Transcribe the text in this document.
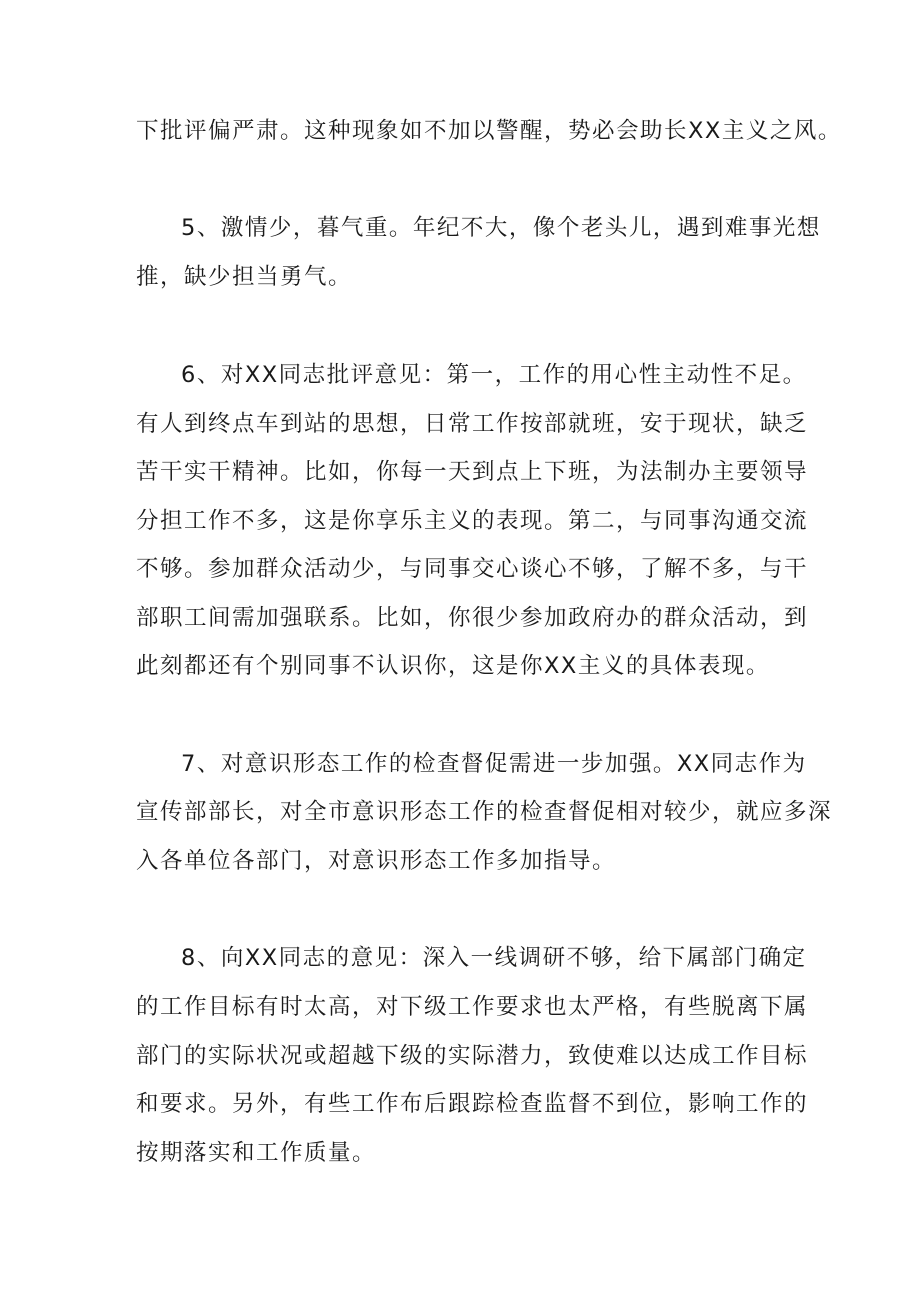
下批评偏严肃。这种现象如不加以警醒，势必会助长XX主义之风。
5、激情少，暮气重。年纪不大，像个老头儿，遇到难事光想
推，缺少担当勇气。
6、对XX同志批评意见：第一，工作的用心性主动性不足。
有人到终点车到站的思想，日常工作按部就班，安于现状，缺乏
苦干实干精神。比如，你每一天到点上下班，为法制办主要领导
分担工作不多，这是你享乐主义的表现。第二，与同事沟通交流
不够。参加群众活动少，与同事交心谈心不够，了解不多，与干
部职工间需加强联系。比如，你很少参加政府办的群众活动，到
此刻都还有个别同事不认识你，这是你XX主义的具体表现。
7、对意识形态工作的检查督促需进一步加强。XX同志作为
宣传部部长，对全市意识形态工作的检查督促相对较少，就应多深
入各单位各部门，对意识形态工作多加指导。
8、向XX同志的意见：深入一线调研不够，给下属部门确定
的工作目标有时太高，对下级工作要求也太严格，有些脱离下属
部门的实际状况或超越下级的实际潜力，致使难以达成工作目标
和要求。另外，有些工作布后跟踪检查监督不到位，影响工作的
按期落实和工作质量。
